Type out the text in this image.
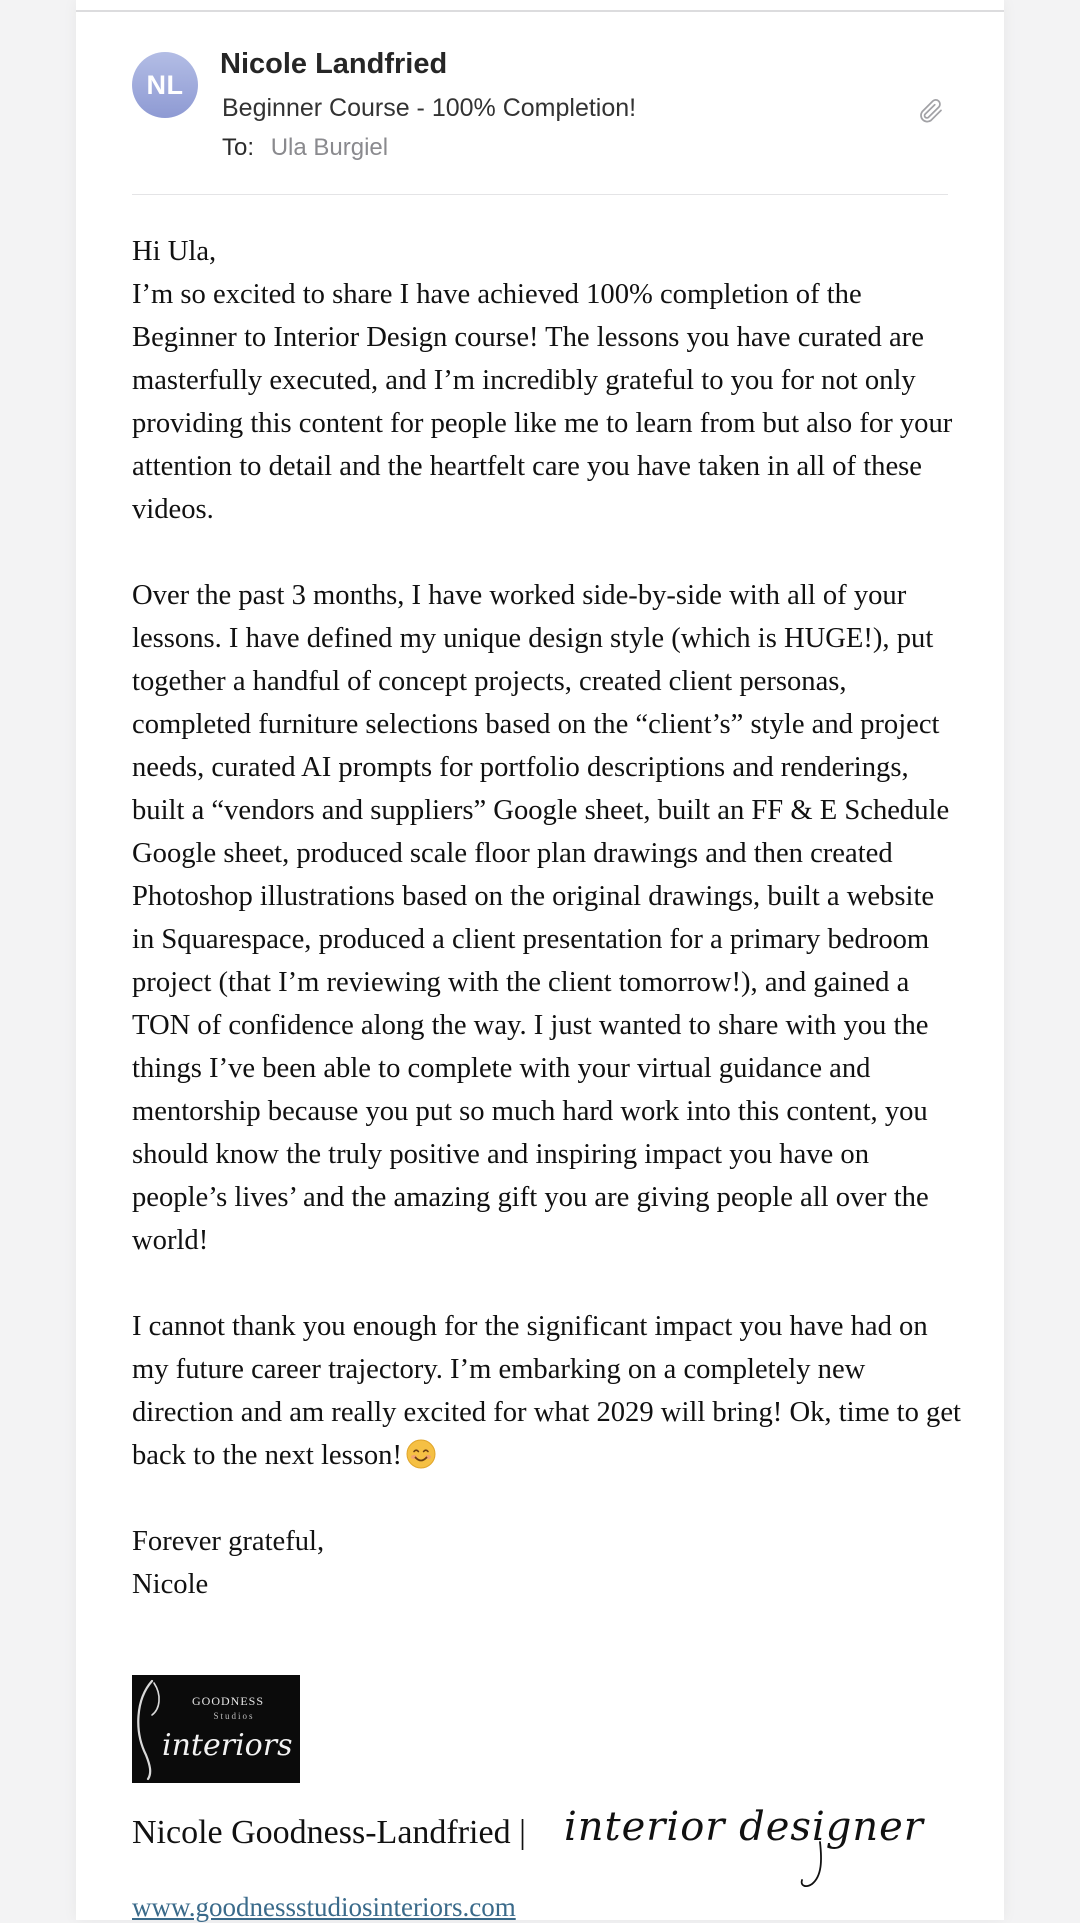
NL
Nicole Landfried
Beginner Course - 100% Completion!
To: Ula Burgiel

Hi Ula,

I’m so excited to share I have achieved 100% completion of the Beginner to Interior Design course! The lessons you have curated are masterfully executed, and I’m incredibly grateful to you for not only providing this content for people like me to learn from but also for your attention to detail and the heartfelt care you have taken in all of these videos.

Over the past 3 months, I have worked side-by-side with all of your lessons. I have defined my unique design style (which is HUGE!), put together a handful of concept projects, created client personas, completed furniture selections based on the “client’s” style and project needs, curated AI prompts for portfolio descriptions and renderings, built a “vendors and suppliers” Google sheet, built an FF & E Schedule Google sheet, produced scale floor plan drawings and then created Photoshop illustrations based on the original drawings, built a website in Squarespace, produced a client presentation for a primary bedroom project (that I’m reviewing with the client tomorrow!), and gained a TON of confidence along the way. I just wanted to share with you the things I’ve been able to complete with your virtual guidance and mentorship because you put so much hard work into this content, you should know the truly positive and inspiring impact you have on people’s lives’ and the amazing gift you are giving people all over the world!

I cannot thank you enough for the significant impact you have had on my future career trajectory. I’m embarking on a completely new direction and am really excited for what 2029 will bring! Ok, time to get back to the next lesson!

Forever grateful,

Nicole

GOODNESS
Studios
interiors
Nicole Goodness-Landfried | interior designer
www.goodnessstudiosinteriors.com
